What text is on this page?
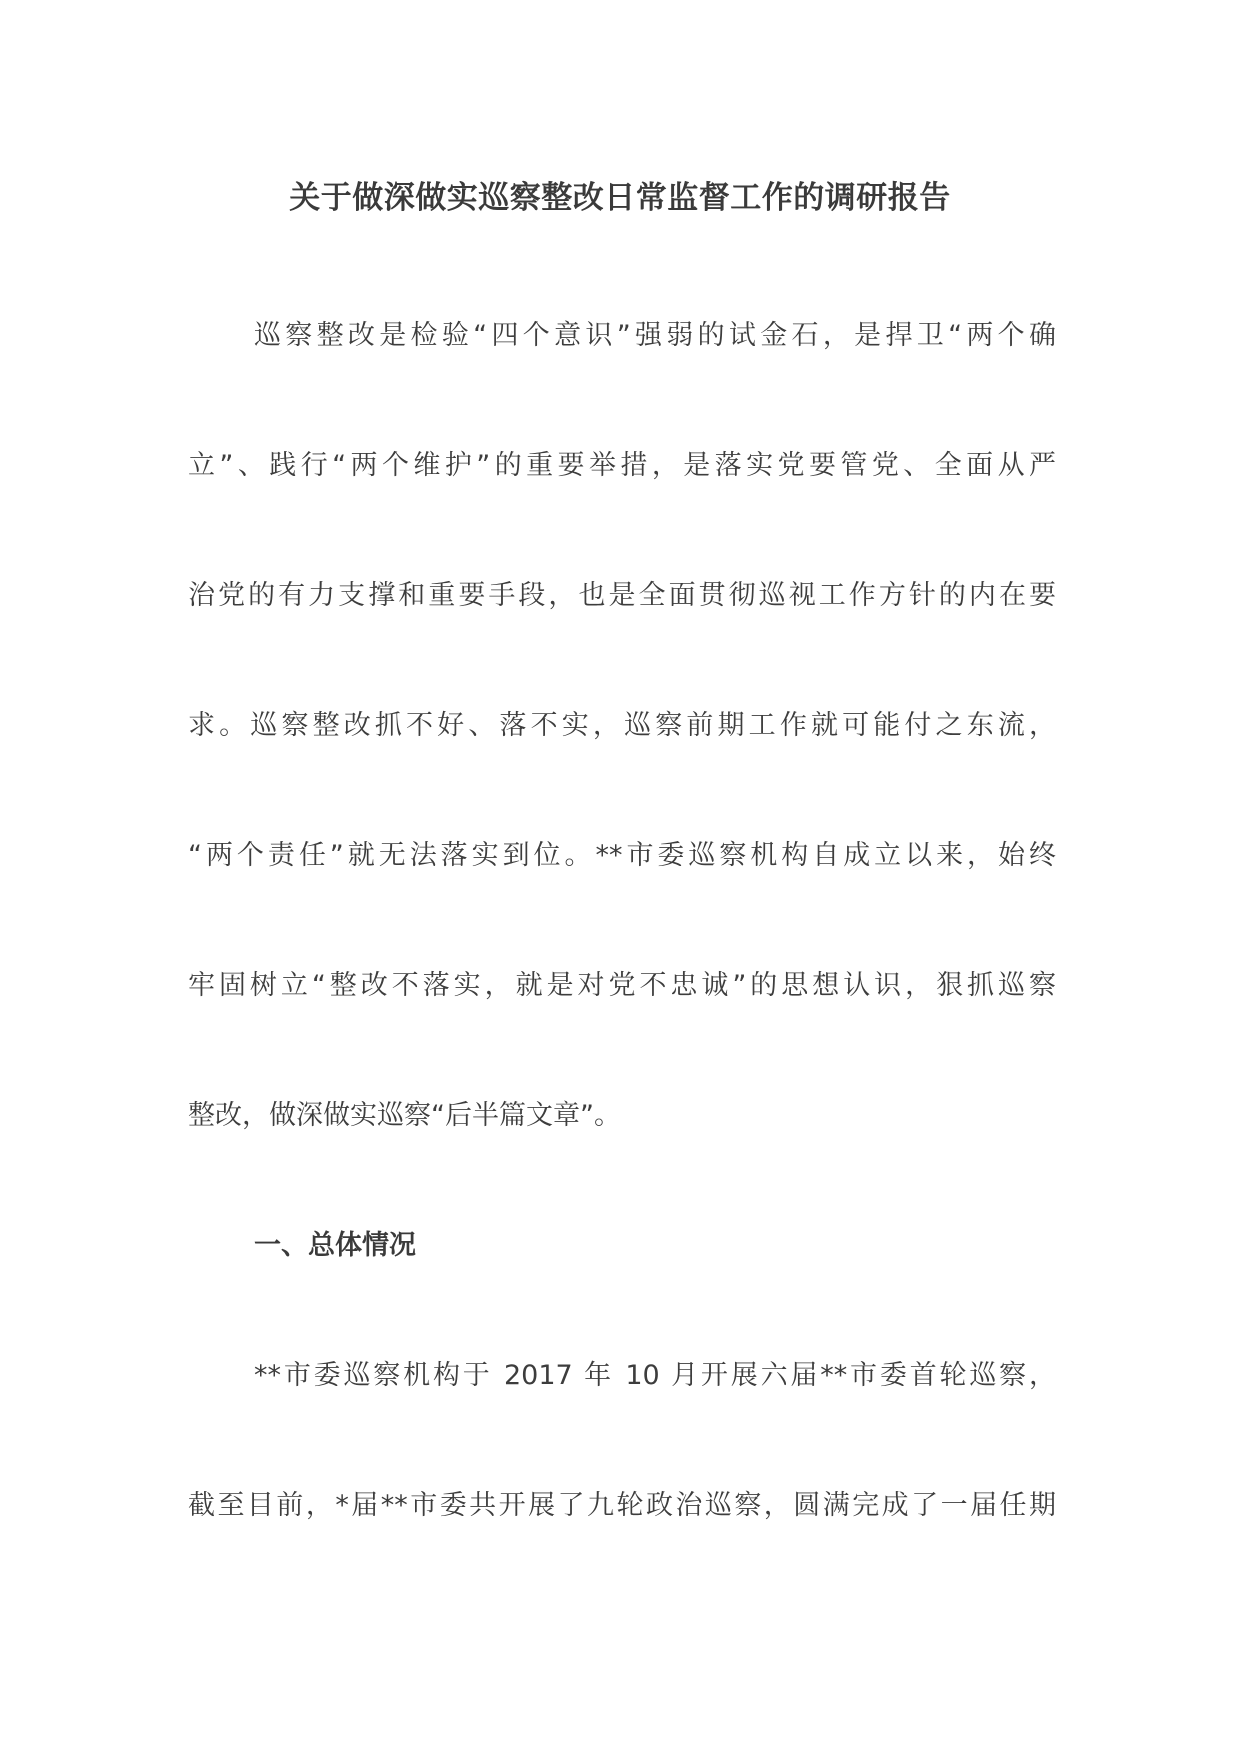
关于做深做实巡察整改日常监督工作的调研报告

巡察整改是检验“四个意识”强弱的试金石，是捍卫“两个确

立”、践行“两个维护”的重要举措，是落实党要管党、全面从严

治党的有力支撑和重要手段，也是全面贯彻巡视工作方针的内在要

求。巡察整改抓不好、落不实，巡察前期工作就可能付之东流，

“两个责任”就无法落实到位。**市委巡察机构自成立以来，始终

牢固树立“整改不落实，就是对党不忠诚”的思想认识，狠抓巡察

整改，做深做实巡察“后半篇文章”。

一、总体情况

**市委巡察机构于 2017 年 10 月开展六届**市委首轮巡察，

截至目前，*届**市委共开展了九轮政治巡察，圆满完成了一届任期
